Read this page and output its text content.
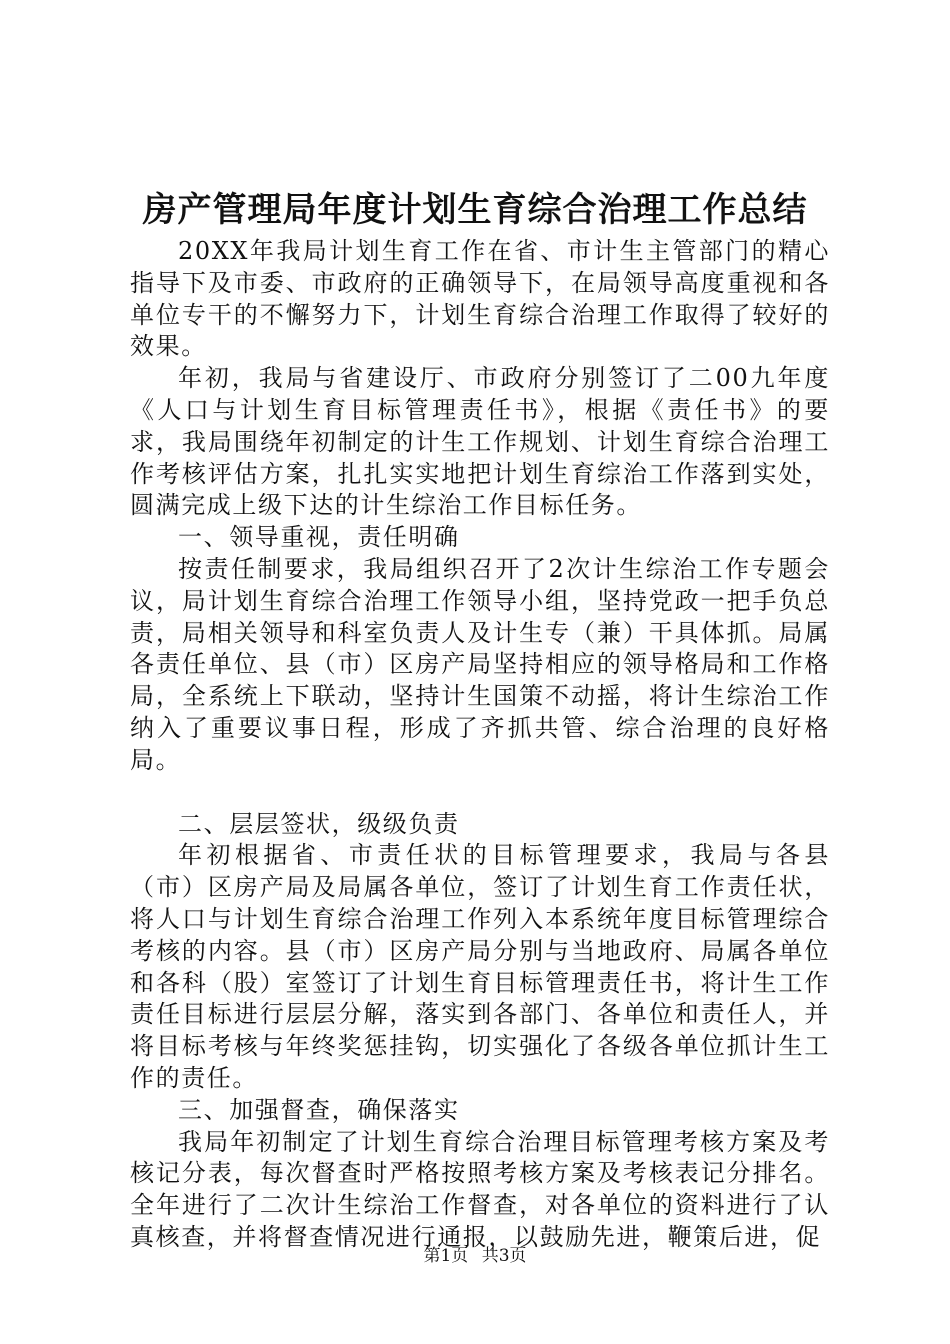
房产管理局年度计划生育综合治理工作总结

20XX年我局计划生育工作在省、市计生主管部门的精心指导下及市委、市政府的正确领导下，在局领导高度重视和各单位专干的不懈努力下，计划生育综合治理工作取得了较好的效果。

年初，我局与省建设厅、市政府分别签订了二00九年度《人口与计划生育目标管理责任书》，根据《责任书》的要求，我局围绕年初制定的计生工作规划、计划生育综合治理工作考核评估方案，扎扎实实地把计划生育综治工作落到实处，圆满完成上级下达的计生综治工作目标任务。

一、领导重视，责任明确

按责任制要求，我局组织召开了2次计生综治工作专题会议，局计划生育综合治理工作领导小组，坚持党政一把手负总责，局相关领导和科室负责人及计生专（兼）干具体抓。局属各责任单位、县（市）区房产局坚持相应的领导格局和工作格局，全系统上下联动，坚持计生国策不动摇，将计生综治工作纳入了重要议事日程，形成了齐抓共管、综合治理的良好格局。

二、层层签状，级级负责

年初根据省、市责任状的目标管理要求，我局与各县（市）区房产局及局属各单位，签订了计划生育工作责任状，将人口与计划生育综合治理工作列入本系统年度目标管理综合考核的内容。县（市）区房产局分别与当地政府、局属各单位和各科（股）室签订了计划生育目标管理责任书，将计生工作责任目标进行层层分解，落实到各部门、各单位和责任人，并将目标考核与年终奖惩挂钩，切实强化了各级各单位抓计生工作的责任。

三、加强督查，确保落实

我局年初制定了计划生育综合治理目标管理考核方案及考核记分表，每次督查时严格按照考核方案及考核表记分排名。全年进行了二次计生综治工作督查，对各单位的资料进行了认真核查，并将督查情况进行通报，以鼓励先进，鞭策后进，促

第1页 共3页
